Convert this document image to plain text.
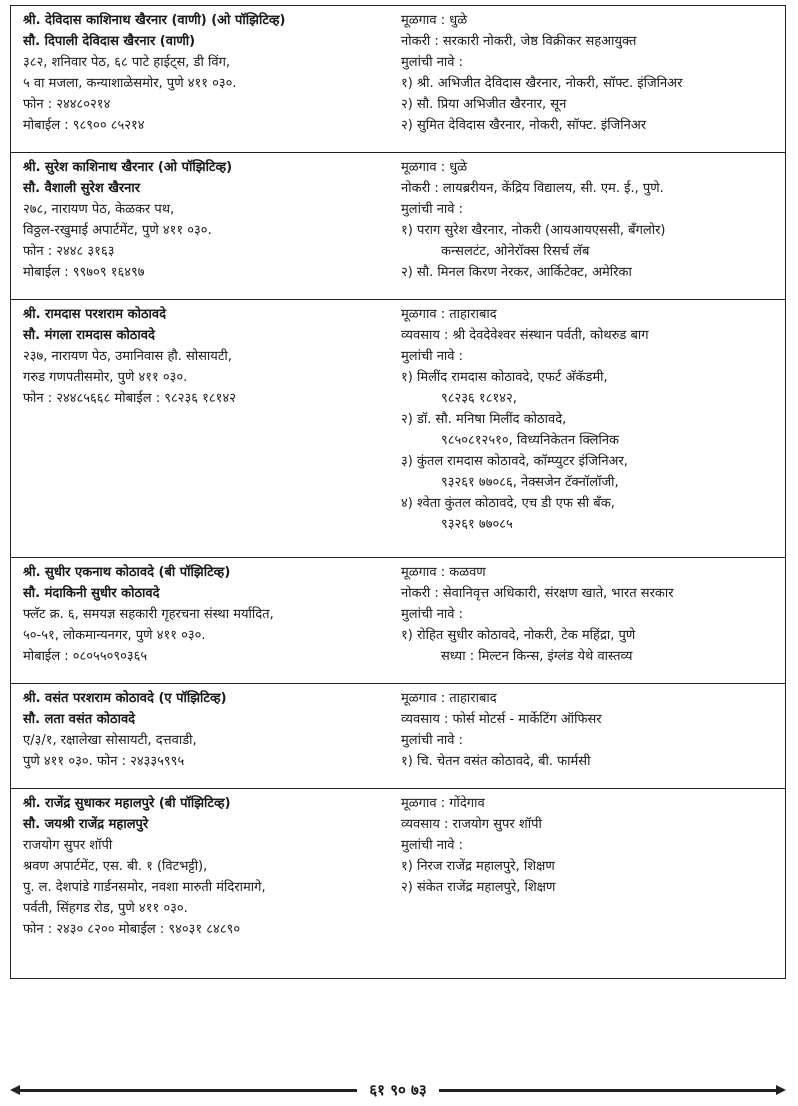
श्री. देविदास काशिनाथ खैरनार (वाणी) (ओ पॉझिटिव्ह)
सौ. दिपाली देविदास खैरनार (वाणी)
३८२, शनिवार पेठ, ६८ पाटे हाईट्स, डी विंग,
५ वा मजला, कन्याशाळेसमोर, पुणे ४११ ०३०.
फोन : २४४८०२१४
मोबाईल : ९८९०० ८५२१४
मूळगाव : धुळे
नोकरी : सरकारी नोकरी, जेष्ठ विक्रीकर सहआयुक्त
मुलांची नावे :
१) श्री. अभिजीत देविदास खैरनार, नोकरी, सॉफ्ट. इंजिनिअर
२) सौ. प्रिया अभिजीत खैरनार, सून
२) सुमित देविदास खैरनार, नोकरी, सॉफ्ट. इंजिनिअर
श्री. सुरेश काशिनाथ खैरनार (ओ पॉझिटिव्ह)
सौ. वैशाली सुरेश खैरनार
२७८, नारायण पेठ, केळकर पथ,
विठ्ठल-रखुमाई अपार्टमेंट, पुणे ४११ ०३०.
फोन : २४४८ ३१६३
मोबाईल : ९९७०९ १६४९७
मूळगाव : धुळे
नोकरी : लायब्ररीयन, केंद्रिय विद्यालय, सी. एम. ई., पुणे.
मुलांची नावे :
१) पराग सुरेश खैरनार, नोकरी (आयआयएससी, बँगलोर)
कन्सलटंट, ओनेरॉक्स रिसर्च लॅब
२) सौ. मिनल किरण नेरकर, आर्किटेक्ट, अमेरिका
श्री. रामदास परशराम कोठावदे
सौ. मंगला रामदास कोठावदे
२३७, नारायण पेठ, उमानिवास हौ. सोसायटी,
गरुड गणपतीसमोर, पुणे ४११ ०३०.
फोन : २४४८५६६८ मोबाईल : ९८२३६ १८१४२
मूळगाव : ताहाराबाद
व्यवसाय : श्री देवदेवेश्वर संस्थान पर्वती, कोथरुड बाग
मुलांची नावे :
१) मिलींद रामदास कोठावदे, एफर्ट अ‍ॅकॅडमी,
९८२३६ १८१४२,
२) डॉ. सौ. मनिषा मिलींद कोठावदे,
९८५०८१२५१०, विध्यनिकेतन क्लिनिक
३) कुंतल रामदास कोठावदे, कॉम्प्युटर इंजिनिअर,
९३२६१ ७७०८६, नेक्सजेन टॅक्नॉलॉजी,
४) श्वेता कुंतल कोठावदे, एच डी एफ सी बँक,
९३२६१ ७७०८५
श्री. सुधीर एकनाथ कोठावदे (बी पॉझिटिव्ह)
सौ. मंदाकिनी सुधीर कोठावदे
फ्लॅट क्र. ६, समयज्ञ सहकारी गृहरचना संस्था मर्यादित,
५०-५१, लोकमान्यनगर, पुणे ४११ ०३०.
मोबाईल : ०८०५५०९०३६५
मूळगाव : कळवण
नोकरी : सेवानिवृत्त अधिकारी, संरक्षण खाते, भारत सरकार
मुलांची नावे :
१) रोहित सुधीर कोठावदे, नोकरी, टेक महिंद्रा, पुणे
सध्या : मिल्टन किन्स, इंग्लंड येथे वास्तव्य
श्री. वसंत परशराम कोठावदे (ए पॉझिटिव्ह)
सौ. लता वसंत कोठावदे
ए/३/१, रक्षालेखा सोसायटी, दत्तवाडी,
पुणे ४११ ०३०. फोन : २४३३५९९५
मूळगाव : ताहाराबाद
व्यवसाय : फोर्स मोटर्स - मार्केटिंग ऑफिसर
मुलांची नावे :
१) चि. चेतन वसंत कोठावदे, बी. फार्मसी
श्री. राजेंद्र सुधाकर महालपुरे (बी पॉझिटिव्ह)
सौ. जयश्री राजेंद्र महालपुरे
राजयोग सुपर शॉपी
श्रवण अपार्टमेंट, एस. बी. १ (विटभट्टी),
पु. ल. देशपांडे गार्डनसमोर, नवशा मारुती मंदिरामागे,
पर्वती, सिंहगड रोड, पुणे ४११ ०३०.
फोन : २४३० ८२०० मोबाईल : ९४०३१ ८४८९०
मूळगाव : गोंदेगाव
व्यवसाय : राजयोग सुपर शॉपी
मुलांची नावे :
१) निरज राजेंद्र महालपुरे, शिक्षण
२) संकेत राजेंद्र महालपुरे, शिक्षण
६१ ९० ७३
